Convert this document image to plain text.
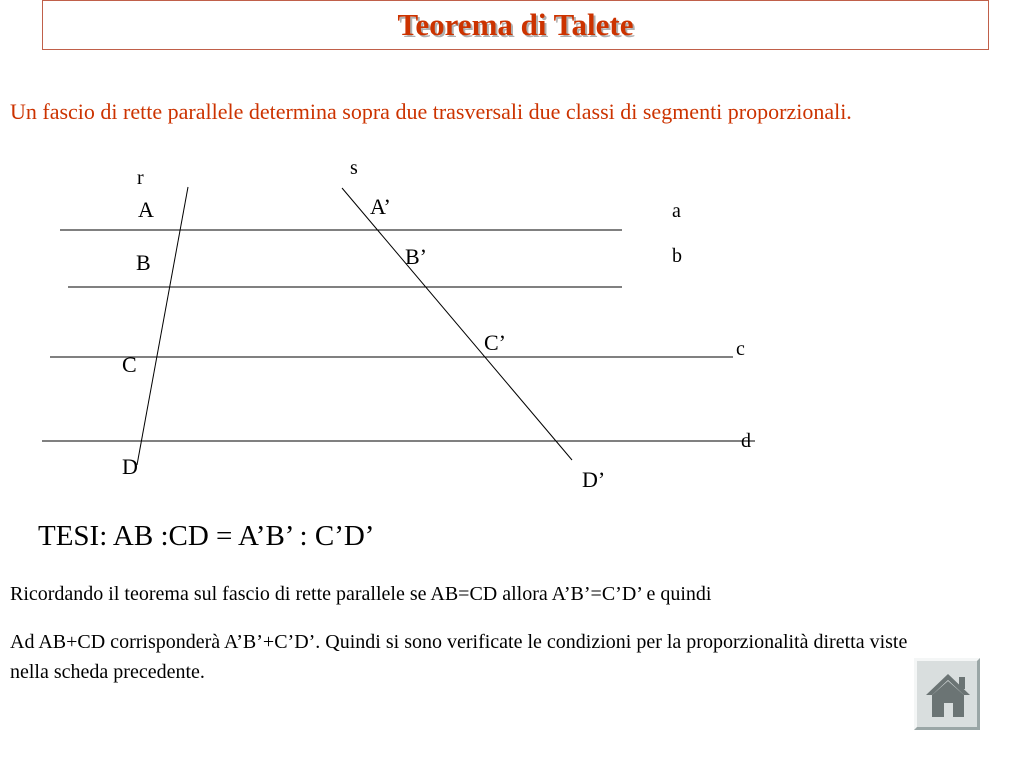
Teorema di Talete
Un fascio di rette parallele determina sopra due trasversali due classi di segmenti proporzionali.
r	s
A
B
C
D
A’
B’
C’
D’
a
b
c
d
TESI: AB :CD = A’B’ : C’D’
Ricordando il teorema sul fascio di rette parallele se AB=CD allora A’B’=C’D’ e quindi
Ad AB+CD corrisponderà A’B’+C’D’. Quindi si sono verificate le condizioni per la proporzionalità diretta viste nella scheda precedente.
